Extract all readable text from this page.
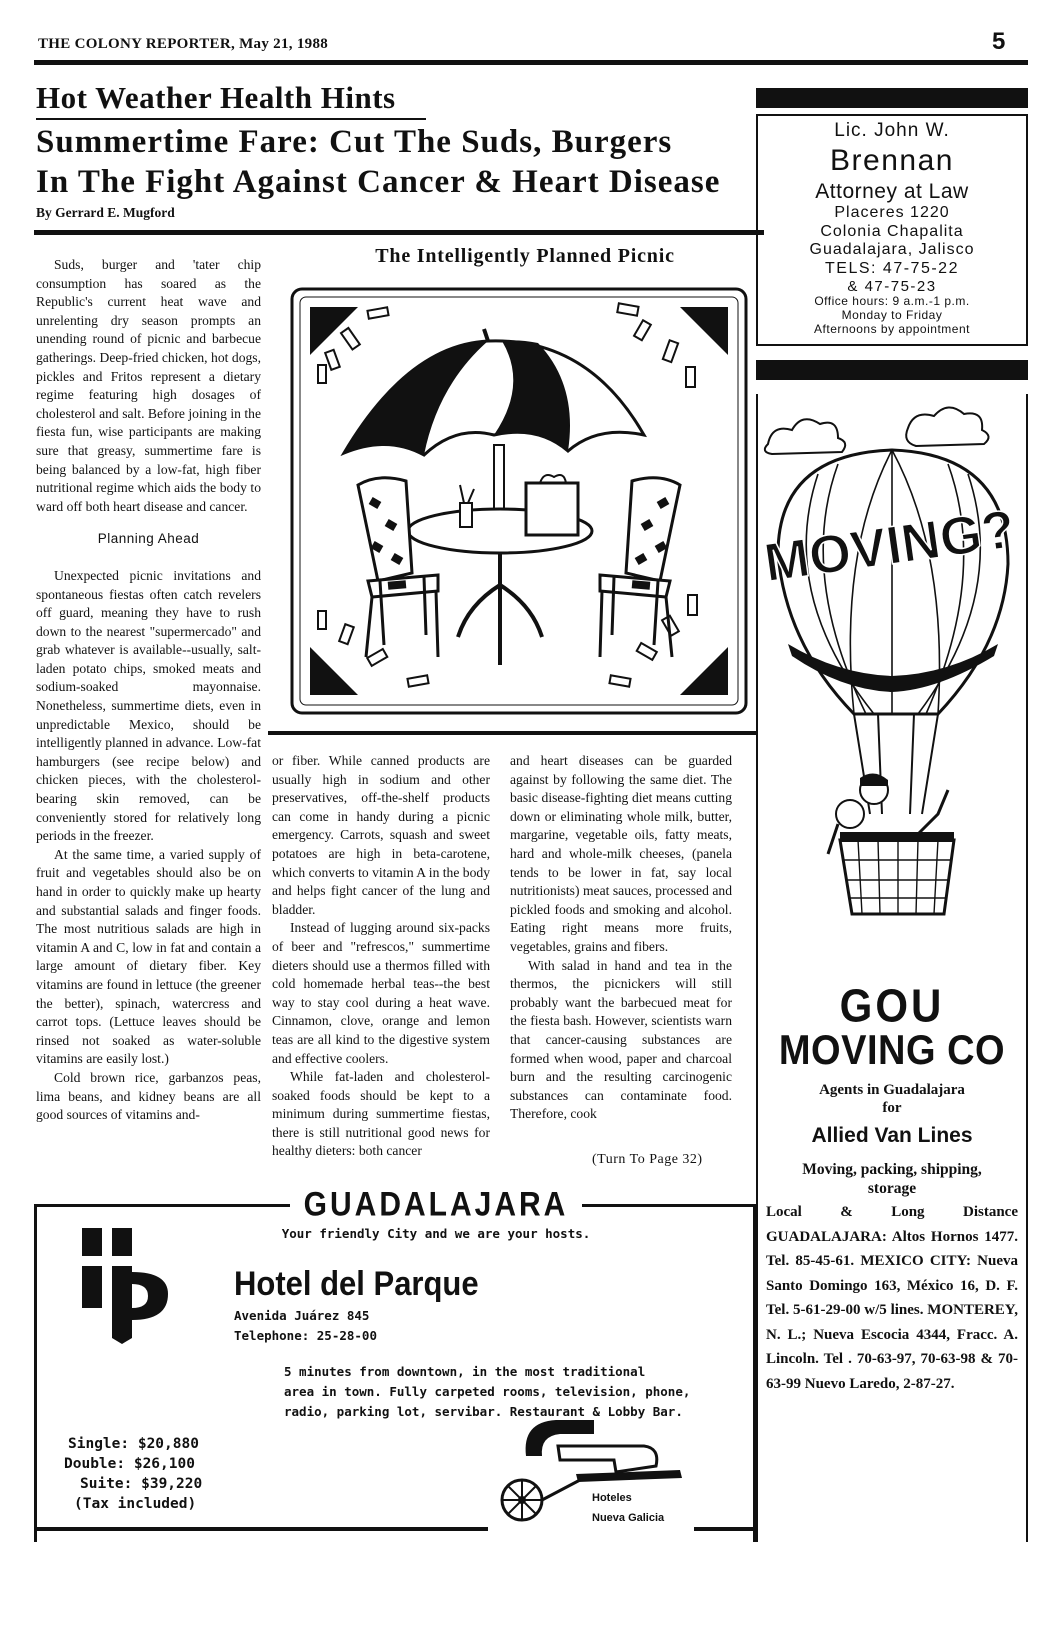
THE COLONY REPORTER, May 21, 1988	5
Hot Weather Health Hints
Summertime Fare: Cut The Suds, Burgers
In The Fight Against Cancer & Heart Disease
By Gerrard E. Mugford

Suds, burger and 'tater chip consumption has soared as the Republic's current heat wave and unrelenting dry season prompts an unending round of picnic and barbecue gatherings. Deep-fried chicken, hot dogs, pickles and Fritos represent a dietary regime featuring high dosages of cholesterol and salt. Before joining in the fiesta fun, wise participants are making sure that greasy, summertime fare is being balanced by a low-fat, high fiber nutritional regime which aids the body to ward off both heart disease and cancer.

Planning Ahead

Unexpected picnic invitations and spontaneous fiestas often catch revelers off guard, meaning they have to rush down to the nearest "supermercado" and grab whatever is available--usually, salt-laden potato chips, smoked meats and sodium-soaked mayonnaise. Nonetheless, summertime diets, even in unpredictable Mexico, should be intelligently planned in advance. Low-fat hamburgers (see recipe below) and chicken pieces, with the cholesterol-bearing skin removed, can be conveniently stored for relatively long periods in the freezer.

At the same time, a varied supply of fruit and vegetables should also be on hand in order to quickly make up hearty and substantial salads and finger foods. The most nutritious salads are high in vitamin A and C, low in fat and contain a large amount of dietary fiber. Key vitamins are found in lettuce (the greener the better), spinach, watercress and carrot tops. (Lettuce leaves should be rinsed not soaked as water-soluble vitamins are easily lost.)

Cold brown rice, garbanzos peas, lima beans, and kidney beans are all good sources of vitamins and-

The Intelligently Planned Picnic

or fiber. While canned products are usually high in sodium and other preservatives, off-the-shelf products can come in handy during a picnic emergency. Carrots, squash and sweet potatoes are high in beta-carotene, which converts to vitamin A in the body and helps fight cancer of the lung and bladder.

Instead of lugging around six-packs of beer and "refrescos," summertime dieters should use a thermos filled with cold homemade herbal teas--the best way to stay cool during a heat wave. Cinnamon, clove, orange and lemon teas are all kind to the digestive system and effective coolers.

While fat-laden and cholesterol-soaked foods should be kept to a minimum during summertime fiestas, there is still nutritional good news for healthy dieters: both cancer

and heart diseases can be guarded against by following the same diet. The basic disease-fighting diet means cutting down or eliminating whole milk, butter, margarine, vegetable oils, fatty meats, hard and whole-milk cheeses, (panela tends to be lower in fat, say local nutritionists) meat sauces, processed and pickled foods and smoking and alcohol. Eating right means more fruits, vegetables, grains and fibers.

With salad in hand and tea in the thermos, the picnickers will still probably want the barbecued meat for the fiesta bash. However, scientists warn that cancer-causing substances are formed when wood, paper and charcoal burn and the resulting carcinogenic substances can contaminate food. Therefore, cook

(Turn To Page 32)
Lic. John W.
Brennan
Attorney at Law
Placeres 1220
Colonia Chapalita
Guadalajara, Jalisco
TELS: 47-75-22
& 47-75-23
Office hours: 9 a.m.-1 p.m.
Monday to Friday
Afternoons by appointment
MOVING?
GOU
MOVING CO
Agents in Guadalajara
for
Allied Van Lines
Moving, packing, shipping, storage
Local & Long Distance GUADALAJARA: Altos Hornos 1477. Tel. 85-45-61. MEXICO CITY: Nueva Santo Domingo 163, México 16, D. F. Tel. 5-61-29-00 w/5 lines. MONTEREY, N. L.; Nueva Escocia 4344, Fracc. A. Lincoln. Tel . 70-63-97, 70-63-98 & 70-63-99 Nuevo Laredo, 2-87-27.
GUADALAJARA
Your friendly City and we are your hosts.
Hotel del Parque
Avenida Juárez 845
Telephone: 25-28-00
5 minutes from downtown, in the most traditional
area in town. Fully carpeted rooms, television, phone,
radio, parking lot, servibar. Restaurant & Lobby Bar.
Single: $20,880
Double: $26,100
Suite: $39,220
(Tax included)	Hoteles
Nueva Galicia
